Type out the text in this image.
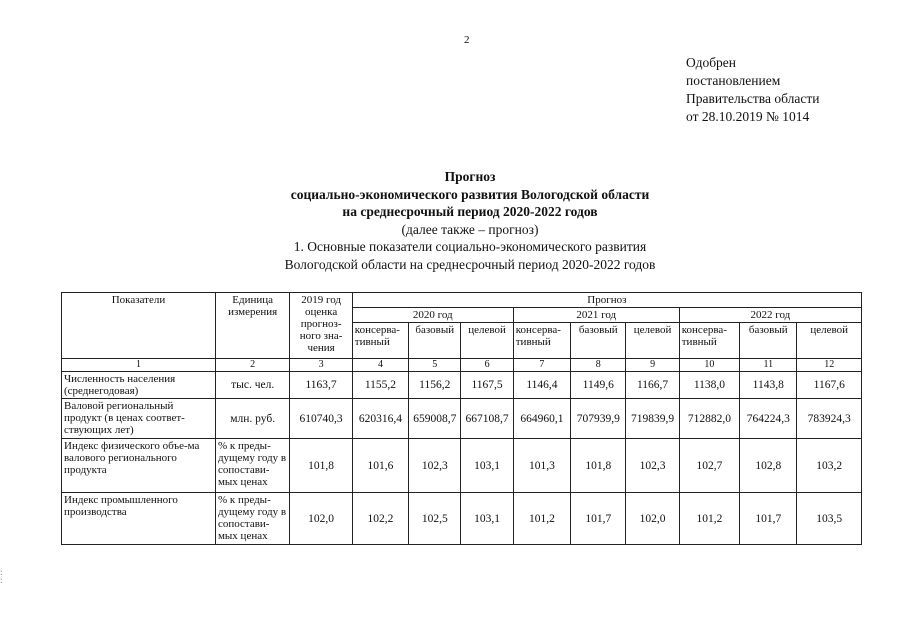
2
Одобрен
постановлением
Правительства области
от 28.10.2019 № 1014
Прогноз
социально-экономического развития Вологодской области
на среднесрочный период 2020-2022 годов
(далее также – прогноз)
1. Основные показатели социально-экономического развития
Вологодской области на среднесрочный период 2020-2022 годов
Показатели	Единица измерения	2019 год оценка прогноз-ного зна-чения	Прогноз								
			2020 год			2021 год			2022 год		
			консерва-тивный	базовый	целевой	консерва-тивный	базовый	целевой	консерва-тивный	базовый	целевой
1	2	3	4	5	6	7	8	9	10	11	12
Численность населения (среднегодовая)	тыс. чел.	1163,7	1155,2	1156,2	1167,5	1146,4	1149,6	1166,7	1138,0	1143,8	1167,6
Валовой региональный продукт (в ценах соответ-ствующих лет)	млн. руб.	610740,3	620316,4	659008,7	667108,7	664960,1	707939,9	719839,9	712882,0	764224,3	783924,3
Индекс физического объе-ма валового регионального продукта	% к преды-дущему году в сопостави-мых ценах	101,8	101,6	102,3	103,1	101,3	101,8	102,3	102,7	102,8	103,2
Индекс промышленного производства	% к преды-дущему году в сопостави-мых ценах	102,0	102,2	102,5	103,1	101,2	101,7	102,0	101,2	101,7	103,5
:
:
